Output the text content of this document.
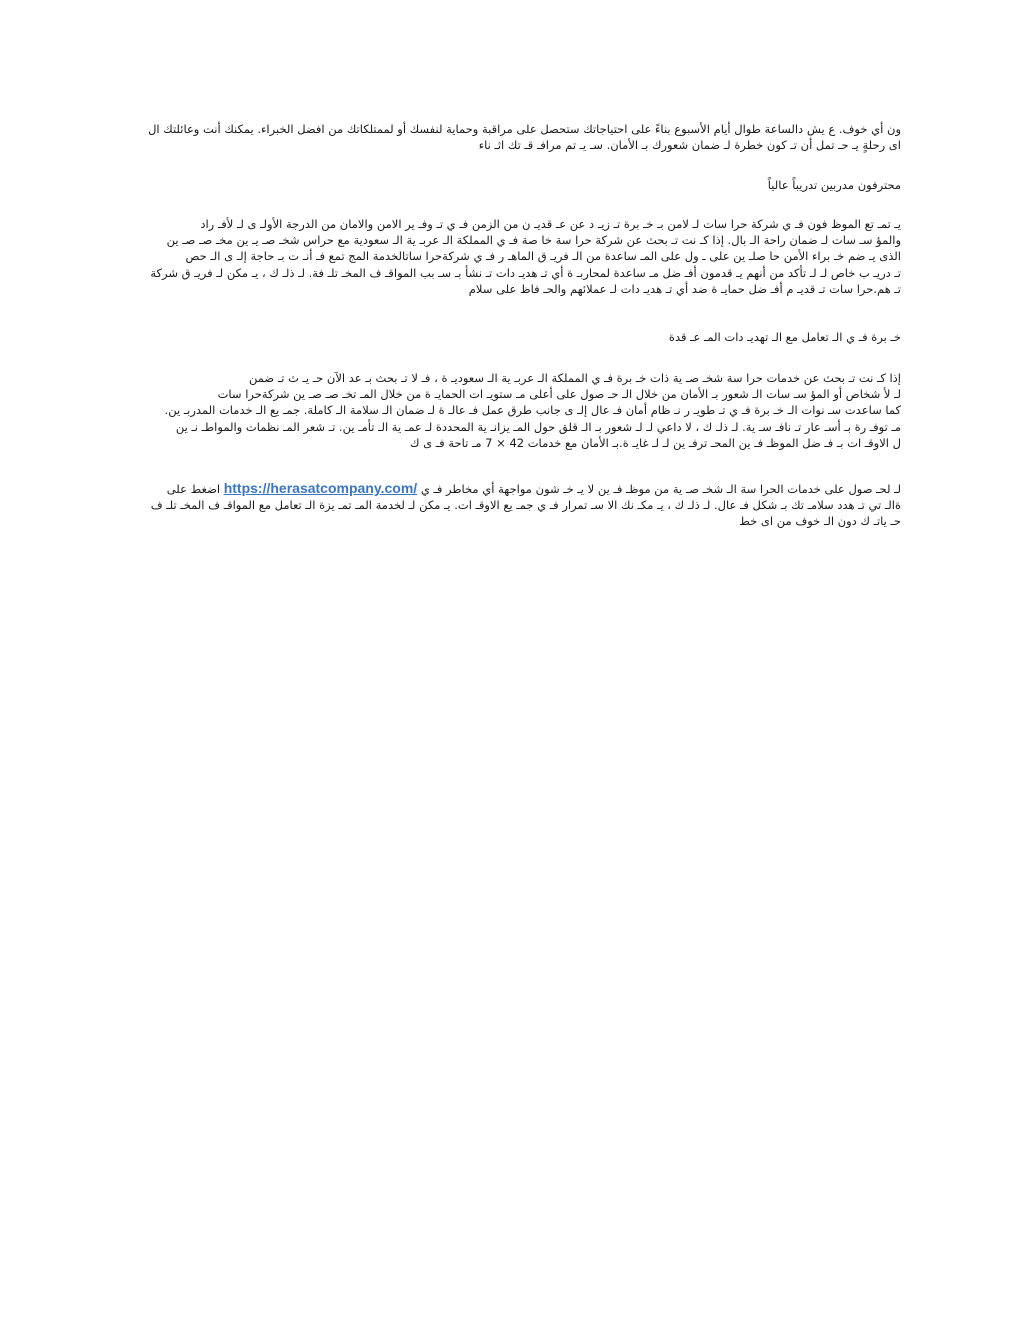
ون أي خوف. ع يش دالساعة طوال أيام الأسبوع بناءً على احتياجاتك ستحصل على مراقبة وحماية لنفسك أو لممتلكاتك من افضل الخبراء. يمكنك أنت وعائلتك ال
اى رحلةٍ يـ حـ تمل أن تـ كون خطرة لـ ضمان شعورك بـ الأمان. سـ يـ تم مرافـ قـ تك اثـ ناء
محترفون مدربين تدريباً عالياً
يـ تمـ تع الموظ فون فـ ي شركة حرا سات لـ لامن بـ خـ برة تـ زيـ د عن عـ قديـ ن من الزمن فـ ي تـ وفـ ير الامن والامان من الدرجة الأولـ ى لـ لأفـ راد
والمؤ سـ سات لـ ضمان راحة الـ بال. إذا كـ نت تـ بحث عن شركة حرا سة خا صة فـ ي المملكة الـ عربـ ية الـ سعودية مع حراس شخـ صـ يـ ين مخـ صـ صـ ين
الذى يـ ضم خـ براء الأمن حا صلـ ين على ـ ول على المـ ساعدة من الـ فريـ ق الماهـ ر فـ ي شركةحرا ساتالخدمة المج تمع فـ أنـ ت بـ حاجة إلـ ى الـ حص
تـ دريـ ب خاص لـ لـ تأكد من أنهم يـ قدمون أفـ ضل مـ ساعدة لمحاربـ ة أي تـ هديـ دات تـ نشأ بـ سـ بب المواقـ ف المخـ تلـ فة. لـ ذلـ ك ، يـ مكن لـ فريـ ق شركة
تـ هم.حرا سات تـ قديـ م أفـ ضل حمايـ ة ضد أي تـ هديـ دات لـ عملائهم والحـ فاظ على سلام
خـ برة فـ ي الـ تعامل مع الـ تهديـ دات المـ عـ قدة
إذا كـ نت تـ بحث عن خدمات حرا سة شخـ صـ ية ذات خـ برة فـ ي المملكة الـ عربـ ية الـ سعوديـ ة ، فـ لا تـ بحث بـ عد الآن حـ يـ ث تـ ضمن
لـ لأ شخاص أو المؤ سـ سات الـ شعور بـ الأمان من خلال الـ حـ صول على أعلى مـ ستويـ ات الحمايـ ة من خلال المـ تخـ صـ صـ ين شركةحرا سات
كما ساعدت سـ نوات الـ خـ برة فـ ي تـ طويـ ر نـ ظام أمان فـ عال إلـ ى جانب طرق عمل فـ عالـ ة لـ ضمان الـ سلامة الـ كاملة. جمـ يع الـ خدمات المدربـ ين.
مـ توفـ رة بـ أسـ عار تـ نافـ سـ ية. لـ ذلـ ك ، لا داعي لـ لـ شعور بـ الـ قلق حول المـ يزانـ ية المحددة لـ عمـ ية الـ تأمـ ين. تـ شعر المـ نظمات والمواطـ نـ ين
ل الاوقـ ات بـ فـ ضل الموظـ فـ ين المحـ ترفـ ين لـ لـ غايـ ة.بـ الأمان مع خدمات 42 × 7 مـ تاحة فـ ى ك
لـ لحـ صول على خدمات الحرا سة الـ شخـ صـ ية من موظـ فـ ين لا يـ خـ شون مواجهة أي مخاطر فـ ي https://herasatcompany.com/ اضغط على
ةالـ تي تـ هدد سلامـ تك بـ شكل فـ عال. لـ ذلـ ك ، يـ مكـ نك الا سـ تمرار فـ ي جمـ يع الاوقـ ات. يـ مكن لـ لخدمة المـ تمـ يزة الـ تعامل مع المواقـ ف المخـ تلـ ف
حـ ياتـ ك دون الـ خوف من اى خط
